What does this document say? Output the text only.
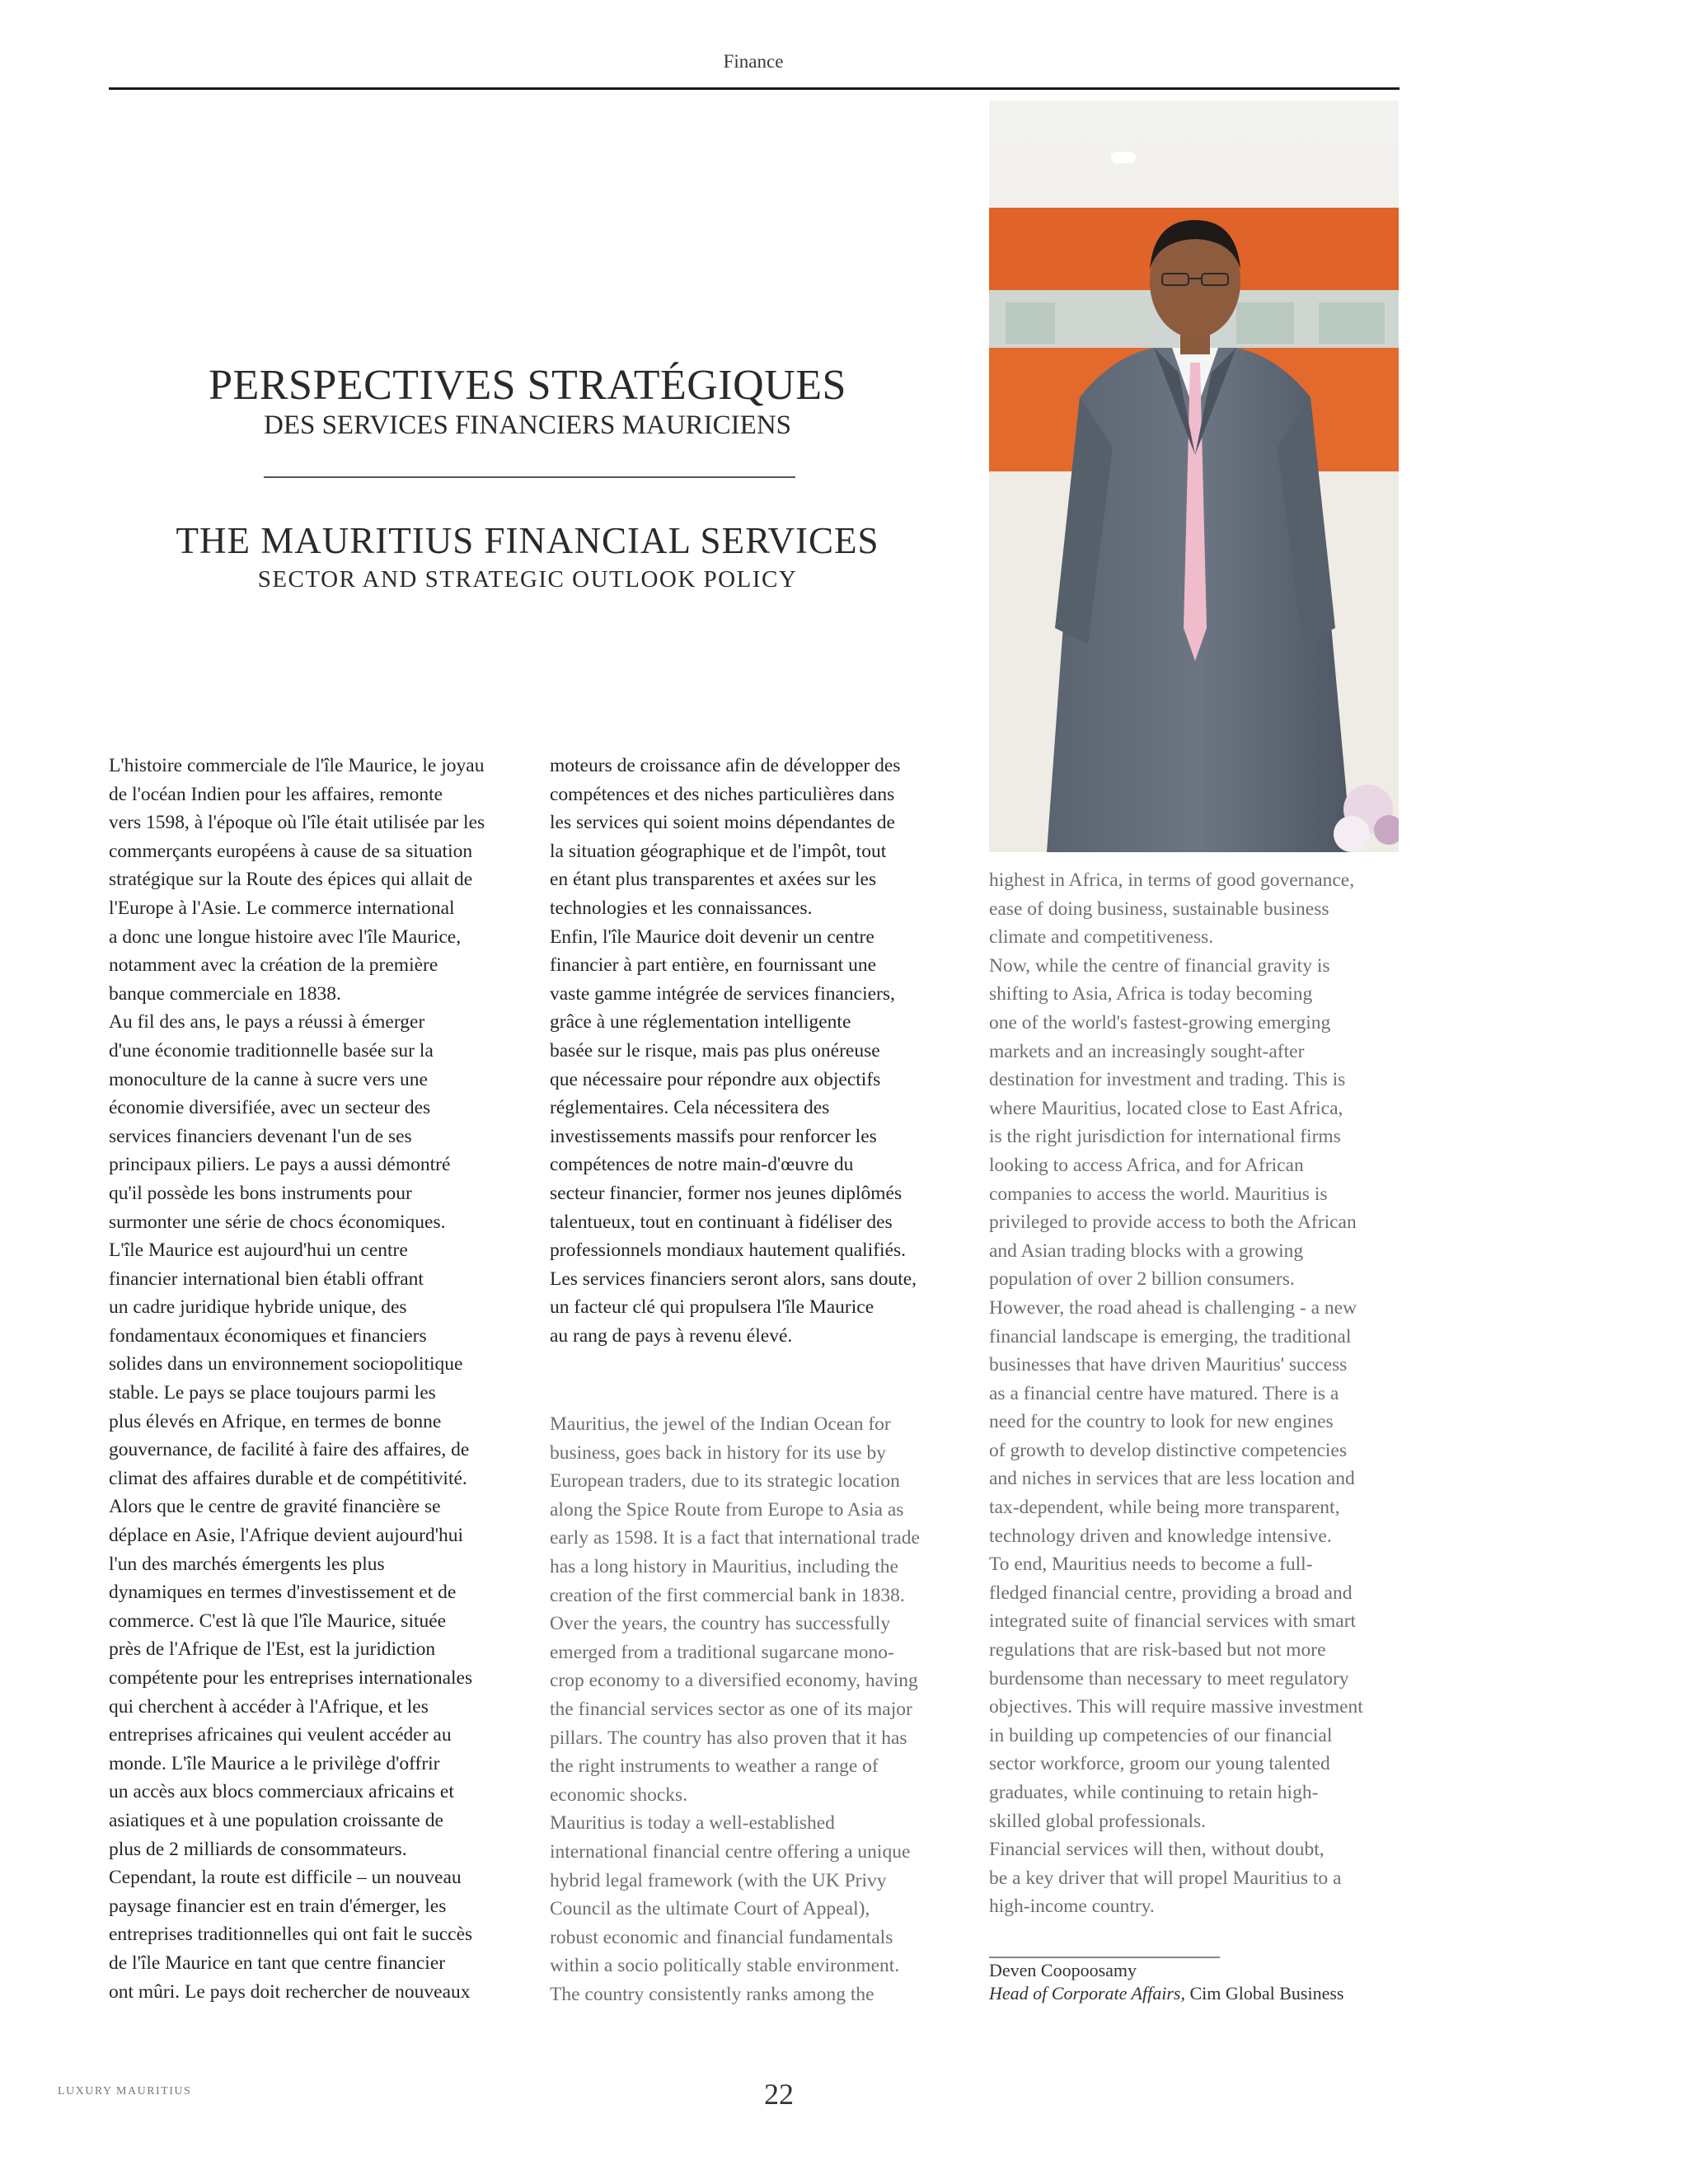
Finance
PERSPECTIVES STRATÉGIQUES
DES SERVICES FINANCIERS MAURICIENS
THE MAURITIUS FINANCIAL SERVICES
SECTOR AND STRATEGIC OUTLOOK POLICY
L'histoire commerciale de l'île Maurice, le joyau
de l'océan Indien pour les affaires, remonte
vers 1598, à l'époque où l'île était utilisée par les
commerçants européens à cause de sa situation
stratégique sur la Route des épices qui allait de
l'Europe à l'Asie. Le commerce international
a donc une longue histoire avec l'île Maurice,
notamment avec la création de la première
banque commerciale en 1838.
Au fil des ans, le pays a réussi à émerger
d'une économie traditionnelle basée sur la
monoculture de la canne à sucre vers une
économie diversifiée, avec un secteur des
services financiers devenant l'un de ses
principaux piliers. Le pays a aussi démontré
qu'il possède les bons instruments pour
surmonter une série de chocs économiques.
L'île Maurice est aujourd'hui un centre
financier international bien établi offrant
un cadre juridique hybride unique, des
fondamentaux économiques et financiers
solides dans un environnement sociopolitique
stable. Le pays se place toujours parmi les
plus élevés en Afrique, en termes de bonne
gouvernance, de facilité à faire des affaires, de
climat des affaires durable et de compétitivité.
Alors que le centre de gravité financière se
déplace en Asie, l'Afrique devient aujourd'hui
l'un des marchés émergents les plus
dynamiques en termes d'investissement et de
commerce. C'est là que l'île Maurice, située
près de l'Afrique de l'Est, est la juridiction
compétente pour les entreprises internationales
qui cherchent à accéder à l'Afrique, et les
entreprises africaines qui veulent accéder au
monde. L'île Maurice a le privilège d'offrir
un accès aux blocs commerciaux africains et
asiatiques et à une population croissante de
plus de 2 milliards de consommateurs.
Cependant, la route est difficile – un nouveau
paysage financier est en train d'émerger, les
entreprises traditionnelles qui ont fait le succès
de l'île Maurice en tant que centre financier
ont mûri. Le pays doit rechercher de nouveaux
moteurs de croissance afin de développer des
compétences et des niches particulières dans
les services qui soient moins dépendantes de
la situation géographique et de l'impôt, tout
en étant plus transparentes et axées sur les
technologies et les connaissances.
Enfin, l'île Maurice doit devenir un centre
financier à part entière, en fournissant une
vaste gamme intégrée de services financiers,
grâce à une réglementation intelligente
basée sur le risque, mais pas plus onéreuse
que nécessaire pour répondre aux objectifs
réglementaires. Cela nécessitera des
investissements massifs pour renforcer les
compétences de notre main-d'œuvre du
secteur financier, former nos jeunes diplômés
talentueux, tout en continuant à fidéliser des
professionnels mondiaux hautement qualifiés.
Les services financiers seront alors, sans doute,
un facteur clé qui propulsera l'île Maurice
au rang de pays à revenu élevé.
Mauritius, the jewel of the Indian Ocean for
business, goes back in history for its use by
European traders, due to its strategic location
along the Spice Route from Europe to Asia as
early as 1598. It is a fact that international trade
has a long history in Mauritius, including the
creation of the first commercial bank in 1838.
Over the years, the country has successfully
emerged from a traditional sugarcane mono-
crop economy to a diversified economy, having
the financial services sector as one of its major
pillars. The country has also proven that it has
the right instruments to weather a range of
economic shocks.
Mauritius is today a well-established
international financial centre offering a unique
hybrid legal framework (with the UK Privy
Council as the ultimate Court of Appeal),
robust economic and financial fundamentals
within a socio politically stable environment.
The country consistently ranks among the
highest in Africa, in terms of good governance,
ease of doing business, sustainable business
climate and competitiveness.
Now, while the centre of financial gravity is
shifting to Asia, Africa is today becoming
one of the world's fastest-growing emerging
markets and an increasingly sought-after
destination for investment and trading. This is
where Mauritius, located close to East Africa,
is the right jurisdiction for international firms
looking to access Africa, and for African
companies to access the world. Mauritius is
privileged to provide access to both the African
and Asian trading blocks with a growing
population of over 2 billion consumers.
However, the road ahead is challenging - a new
financial landscape is emerging, the traditional
businesses that have driven Mauritius' success
as a financial centre have matured. There is a
need for the country to look for new engines
of growth to develop distinctive competencies
and niches in services that are less location and
tax-dependent, while being more transparent,
technology driven and knowledge intensive.
To end, Mauritius needs to become a full-
fledged financial centre, providing a broad and
integrated suite of financial services with smart
regulations that are risk-based but not more
burdensome than necessary to meet regulatory
objectives. This will require massive investment
in building up competencies of our financial
sector workforce, groom our young talented
graduates, while continuing to retain high-
skilled global professionals.
Financial services will then, without doubt,
be a key driver that will propel Mauritius to a
high-income country.
Deven Coopoosamy
Head of Corporate Affairs, Cim Global Business
LUXURY MAURITIUS	22
